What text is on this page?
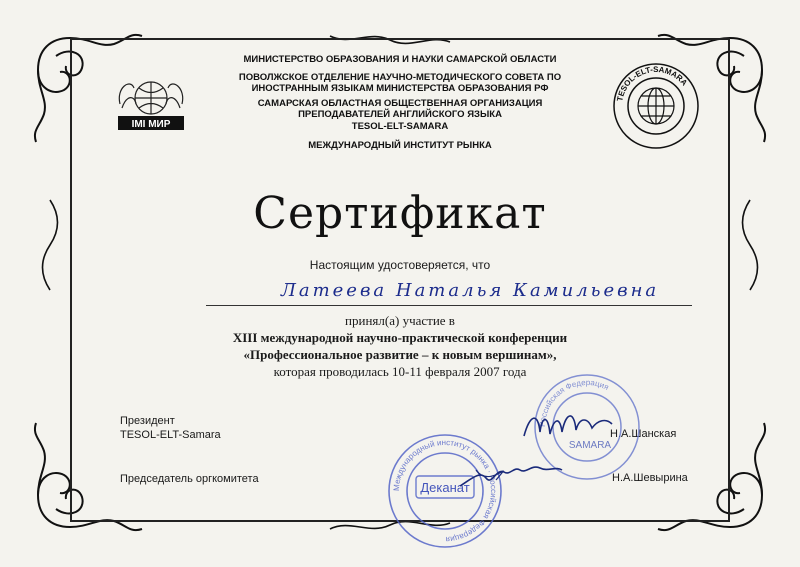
IMI МИР
TESOL-ELT-SAMARA
МИНИСТЕРСТВО ОБРАЗОВАНИЯ И НАУКИ САМАРСКОЙ ОБЛАСТИ
ПОВОЛЖСКОЕ ОТДЕЛЕНИЕ НАУЧНО-МЕТОДИЧЕСКОГО СОВЕТА ПО
ИНОСТРАННЫМ ЯЗЫКАМ МИНИСТЕРСТВА ОБРАЗОВАНИЯ РФ
САМАРСКАЯ ОБЛАСТНАЯ ОБЩЕСТВЕННАЯ ОРГАНИЗАЦИЯ
ПРЕПОДАВАТЕЛЕЙ АНГЛИЙСКОГО ЯЗЫКА
TESOL-ELT-SAMARA
МЕЖДУНАРОДНЫЙ ИНСТИТУТ РЫНКА
Сертификат
Настоящим удостоверяется, что
Латеева Наталья Камильевна
принял(а) участие в
XIII международной научно-практической конференции
«Профессиональное развитие – к новым вершинам»,
которая проводилась 10-11 февраля 2007 года
Президент
TESOL-ELT-Samara	Н.А.Шанская
Председатель оргкомитета	Н.А.Шевырина
Международный институт рынка · Российская Федерация
Деканат
Российская Федерация
SAMARA
